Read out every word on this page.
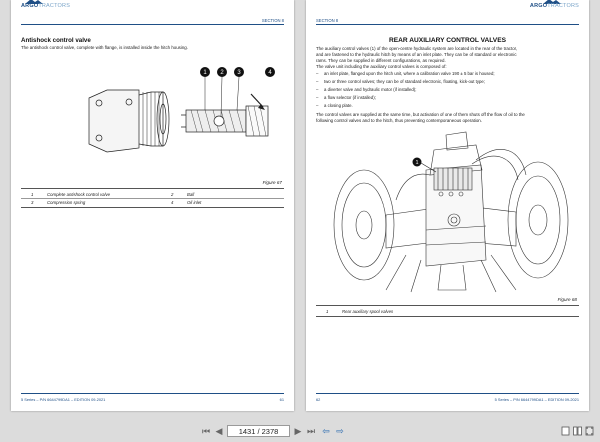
ARGOTRACTORS
SECTION 8
Antishock control valve
The antishock control valve, complete with flange, is installed inside the hitch housing.
1 2 3	4
Figure 67
1	Complete antishock control valve	2	Ball
3	Compression spring	4	Oil inlet
5 Series – P/N 6644799DA1 – EDITION 09-2021	61
SECTION 8
ARGOTRACTORS
REAR AUXILIARY CONTROL VALVES
The auxiliary control valves (1) of the open-centre hydraulic system are located in the rear of the tractor,
and are fastened to the hydraulic hitch by means of an inlet plate. They can be of standard or electronic
rams. They can be supplied in different configurations, as required.
The valve unit including the auxiliary control valves is composed of:
– an inlet plate, flanged upon the hitch unit, where a calibration valve 190 ± 5 bar is housed;
– two or three control valves; they can be of standard electronic, floating, kick-out type;
– a diverter valve and hydraulic motor (if installed);
– a flow selector (if installed);
– a closing plate.
The control valves are supplied at the same time, but activation of one of them shuts off the flow of oil to the
following control valves and to the hitch, thus preventing contemporaneous operation.
1
Figure 68
1	Rear auxiliary spool valves
62	5 Series – P/N 6644799DA1 – EDITION 09-2021
⏮ ◀	1431 / 2378	▶ ⏭ ⇦ ⇨
